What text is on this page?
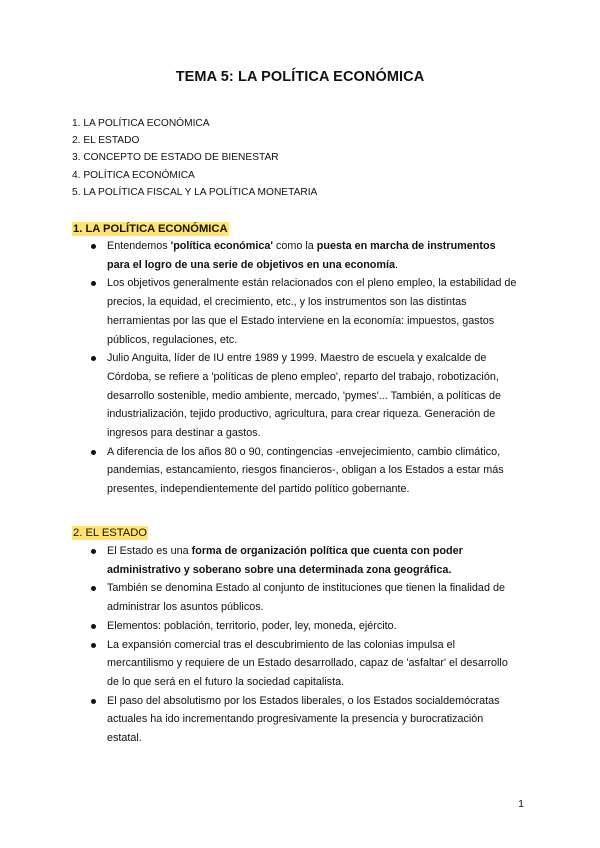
TEMA 5: LA POLÍTICA ECONÓMICA
1. LA POLÍTICA ECONÓMICA
2. EL ESTADO
3. CONCEPTO DE ESTADO DE BIENESTAR
4. POLÍTICA ECONÓMICA
5. LA POLÍTICA FISCAL Y LA POLÍTICA MONETARIA
1. LA POLÍTICA ECONÓMICA
Entendemos 'política económica' como la puesta en marcha de instrumentos para el logro de una serie de objetivos en una economía.
Los objetivos generalmente están relacionados con el pleno empleo, la estabilidad de precios, la equidad, el crecimiento, etc., y los instrumentos son las distintas herramientas por las que el Estado interviene en la economía: impuestos, gastos públicos, regulaciones, etc.
Julio Anguita, líder de IU entre 1989 y 1999. Maestro de escuela y exalcalde de Córdoba, se refiere a 'políticas de pleno empleo', reparto del trabajo, robotización, desarrollo sostenible, medio ambiente, mercado, 'pymes'... También, a políticas de industrialización, tejido productivo, agricultura, para crear riqueza. Generación de ingresos para destinar a gastos.
A diferencia de los años 80 o 90, contingencias -envejecimiento, cambio climático, pandemias, estancamiento, riesgos financieros-, obligan a los Estados a estar más presentes, independientemente del partido político gobernante.
2. EL ESTADO
El Estado es una forma de organización política que cuenta con poder administrativo y soberano sobre una determinada zona geográfica.
También se denomina Estado al conjunto de instituciones que tienen la finalidad de administrar los asuntos públicos.
Elementos: población, territorio, poder, ley, moneda, ejército.
La expansión comercial tras el descubrimiento de las colonias impulsa el mercantilismo y requiere de un Estado desarrollado, capaz de 'asfaltar' el desarrollo de lo que será en el futuro la sociedad capitalista.
El paso del absolutismo por los Estados liberales, o los Estados socialdemócratas actuales ha ido incrementando progresivamente la presencia y burocratización estatal.
1
